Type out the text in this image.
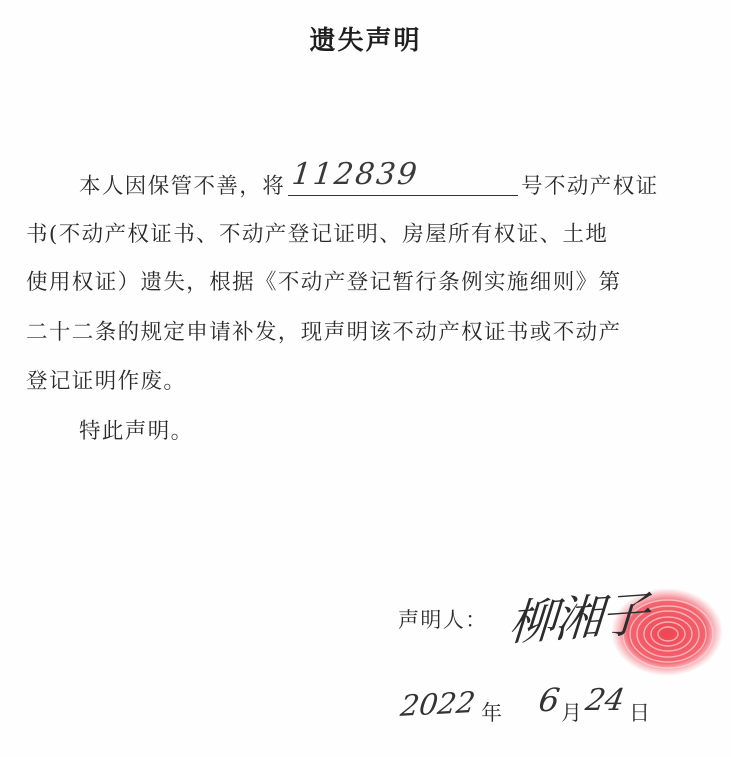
遗失声明
本人因保管不善，将 112839	号不动产权证
书(不动产权证书、不动产登记证明、房屋所有权证、土地
使用权证）遗失，根据《不动产登记暂行条例实施细则》第
二十二条的规定申请补发，现声明该不动产权证书或不动产
登记证明作废。
特此声明。
声明人： 柳湘子
2022 年 6
月 24 日
